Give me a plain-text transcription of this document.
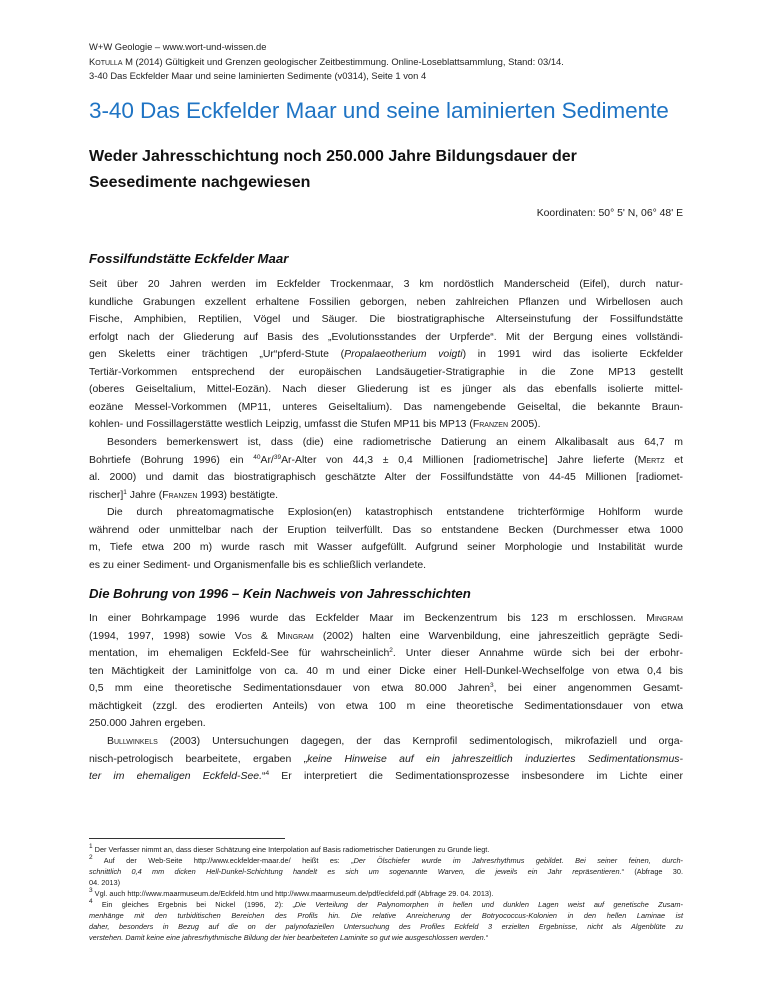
W+W Geologie – www.wort-und-wissen.de
Kotulla M (2014) Gültigkeit und Grenzen geologischer Zeitbestimmung. Online-Loseblattsammlung, Stand: 03/14.
3-40 Das Eckfelder Maar und seine laminierten Sedimente (v0314), Seite 1 von 4
3-40 Das Eckfelder Maar und seine laminierten Sedimente
Weder Jahresschichtung noch 250.000 Jahre Bildungsdauer der Seesedimente nachgewiesen
Koordinaten: 50° 5' N, 06° 48' E
Fossilfundstätte Eckfelder Maar
Seit über 20 Jahren werden im Eckfelder Trockenmaar, 3 km nordöstlich Manderscheid (Eifel), durch natur-
kundliche Grabungen exzellent erhaltene Fossilien geborgen, neben zahlreichen Pflanzen und Wirbellosen auch
Fische, Amphibien, Reptilien, Vögel und Säuger. Die biostratigraphische Alterseinstufung der Fossilfundstätte
erfolgt nach der Gliederung auf Basis des „Evolutionsstandes der Urpferde“. Mit der Bergung eines vollständi-
gen Skeletts einer trächtigen „Ur“pferd-Stute (Propalaeotherium voigti) in 1991 wird das isolierte Eckfelder
Tertiär-Vorkommen entsprechend der europäischen Landsäugetier-Stratigraphie in die Zone MP13 gestellt
(oberes Geiseltalium, Mittel-Eozän). Nach dieser Gliederung ist es jünger als das ebenfalls isolierte mittel-
eozäne Messel-Vorkommen (MP11, unteres Geiseltalium). Das namengebende Geiseltal, die bekannte Braun-
kohlen- und Fossillagerstätte westlich Leipzig, umfasst die Stufen MP11 bis MP13 (Franzen 2005).
Besonders bemerkenswert ist, dass (die) eine radiometrische Datierung an einem Alkalibasalt aus 64,7 m
Bohrtiefe (Bohrung 1996) ein $^{40}$Ar/$^{39}$Ar-Alter von 44,3 ± 0,4 Millionen [radiometrische] Jahre lieferte (Mertz et
al. 2000) und damit das biostratigraphisch geschätzte Alter der Fossilfundstätte von 44-45 Millionen [radiomet-
rischer]$^1$ Jahre (Franzen 1993) bestätigte.
Die durch phreatomagmatische Explosion(en) katastrophisch entstandene trichterförmige Hohlform wurde
während oder unmittelbar nach der Eruption teilverfüllt. Das so entstandene Becken (Durchmesser etwa 1000
m, Tiefe etwa 200 m) wurde rasch mit Wasser aufgefüllt. Aufgrund seiner Morphologie und Instabilität wurde
es zu einer Sediment- und Organismenfalle bis es schließlich verlandete.
Die Bohrung von 1996 – Kein Nachweis von Jahresschichten
In einer Bohrkampage 1996 wurde das Eckfelder Maar im Beckenzentrum bis 123 m erschlossen. Mingram
(1994, 1997, 1998) sowie Vos & Mingram (2002) halten eine Warvenbildung, eine jahreszeitlich geprägte Sedi-
mentation, im ehemaligen Eckfeld-See für wahrscheinlich$^2$. Unter dieser Annahme würde sich bei der erbohr-
ten Mächtigkeit der Laminitfolge von ca. 40 m und einer Dicke einer Hell-Dunkel-Wechselfolge von etwa 0,4 bis
0,5 mm eine theoretische Sedimentationsdauer von etwa 80.000 Jahren$^3$, bei einer angenommen Gesamt-
mächtigkeit (zzgl. des erodierten Anteils) von etwa 100 m eine theoretische Sedimentationsdauer von etwa
250.000 Jahren ergeben.
Bullwinkels (2003) Untersuchungen dagegen, der das Kernprofil sedimentologisch, mikrofaziell und orga-
nisch-petrologisch bearbeitete, ergaben „keine Hinweise auf ein jahreszeitlich induziertes Sedimentationsmus-
ter im ehemaligen Eckfeld-See.“$^4$ Er interpretiert die Sedimentationsprozesse insbesondere im Lichte einer
$^1$ Der Verfasser nimmt an, dass dieser Schätzung eine Interpolation auf Basis radiometrischer Datierungen zu Grunde liegt.
$^2$ Auf der Web-Seite http://www.eckfelder-maar.de/ heißt es: „Der Ölschiefer wurde im Jahresrhythmus gebildet. Bei seiner feinen, durch-
schnittlich 0,4 mm dicken Hell-Dunkel-Schichtung handelt es sich um sogenannte Warven, die jeweils ein Jahr repräsentieren.“ (Abfrage 30.
04. 2013)
$^3$ Vgl. auch http://www.maarmuseum.de/Eckfeld.htm und http://www.maarmuseum.de/pdf/eckfeld.pdf (Abfrage 29. 04. 2013).
$^4$ Ein gleiches Ergebnis bei Nickel (1996, 2): „Die Verteilung der Palynomorphen in hellen und dunklen Lagen weist auf genetische Zusam-
menhänge mit den turbiditischen Bereichen des Profils hin. Die relative Anreicherung der Botryococcus-Kolonien in den hellen Laminae ist
daher, besonders in Bezug auf die on der palynofaziellen Untersuchung des Profiles Eckfeld 3 erzielten Ergebnisse, nicht als Algenblüte zu
verstehen. Damit keine eine jahresrhythmische Bildung der hier bearbeiteten Laminite so gut wie ausgeschlossen werden.“
